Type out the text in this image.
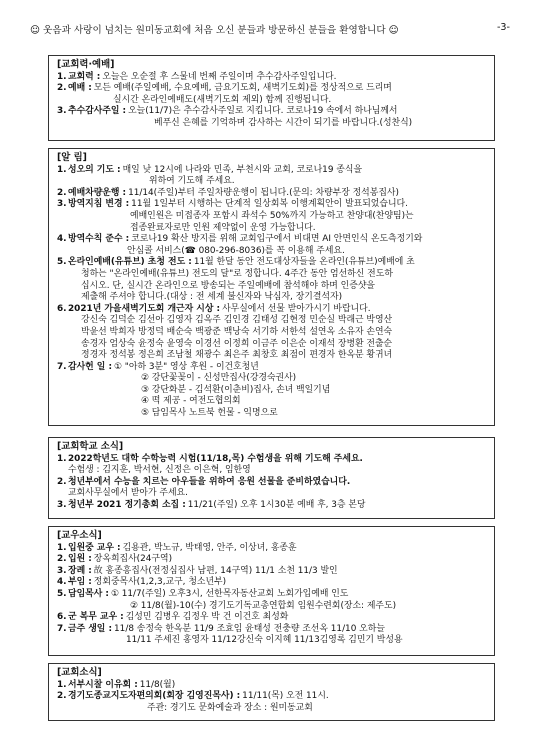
☺ 웃음과 사랑이 넘치는 원미동교회에 처음 오신 분들과 방문하신 분들을 환영합니다 ☺	-3-
[교회력·예배]
1. 교회력 : 오늘은 오순절 후 스물네 번째 주일이며 추수감사주일입니다.
2. 예배 : 모든 예배(주일예배, 수요예배, 금요기도회, 새벽기도회)를 정상적으로 드리며
실시간 온라인예배도(새벽기도회 제외) 함께 진행됩니다.
3. 추수감사주일 : 오늘(11/7)은 추수감사주일로 지킵니다. 코로나19 속에서 하나님께서
베푸신 은혜를 기억하며 감사하는 시간이 되기를 바랍니다.(성찬식)
[알 림]
1. 성오의 기도 : 매일 낮 12시에 나라와 민족, 부천시와 교회, 코로나19 종식을
위하여 기도해 주세요.
2. 예배차량운행 : 11/14(주일)부터 주일차량운행이 됩니다.(문의: 차량부장 정석봉집사)
3. 방역지침 변경 : 11월 1일부터 시행하는 단계적 일상회복 이행계획안이 발표되었습니다.
예배인원은 미접종자 포함시 좌석수 50%까지 가능하고 찬양대(찬양팀)는
접종완료자로만 인원 제약없이 운영 가능합니다.
4. 방역수칙 준수 : 코로나19 확산 방지를 위해 교회입구에서 비대면 AI 안면인식 온도측정기와
안심콜 서비스(☎ 080-296-8036)를 꼭 이용해 주세요.
5. 온라인예배(유튜브) 초청 전도 : 11월 한달 동안 전도대상자들을 온라인(유튜브)예배에 초
청하는 "온라인예배(유튜브) 전도의 달"로 정합니다. 4주간 동안 엄선하신 전도하
십시오. 단, 실시간 온라인으로 방송되는 주일예배에 참석해야 하며 인증샷을
제출해 주셔야 합니다.(대상 : 전 세계 불신자와 낙심자, 장기결석자)
6. 2021년 가을새벽기도회 개근자 시상 : 사무실에서 선물 받아가시기 바랍니다.
강신숙 김덕순 김선아 김영자 김옥주 김인경 김태성 김현정 민순실 박래근 박영산
박윤선 박희자 방정덕 배순숙 백광준 백낭숙 서기하 서한석 설연옥 소유자 손연숙
송경자 엄상숙 윤정숙 윤영숙 이경선 이정희 이금주 이은순 이재석 장병환 전출순
정경자 정석봉 정은희 조남철 채광수 최은주 최창호 최점이 편경자 한옥분 황귀녀
7. 감사헌 일 : ① "아하 3분" 영상 후원 - 이건호청년
② 강단꽃꽂이 - 신성만집사(강경숙권사)
③ 강단화분 - 김석환(이춘비)집사, 손녀 백일기념
④ 떡 제공 - 여전도협의회
⑤ 담임목사 노트북 헌물 - 익명으로
[교회학교 소식]
1. 2022학년도 대학 수학능력 시험(11/18,목) 수험생을 위해 기도해 주세요.
수험생 : 김지훈, 박서현, 신정은 이은혁, 임한영
2. 청년부에서 수능을 치르는 아우들을 위하여 응원 선물을 준비하였습니다.
교회사무실에서 받아가 주세요.
3. 청년부 2021 정기총회 소집 : 11/21(주일) 오후 1시30분 예배 후, 3층 본당
[교우소식]
1. 입원중 교우 : 김용관, 박노규, 박태영, 안주, 이상녀, 홍종훈
2. 입원 : 장옥희집사(24구역)
3. 장례 : 故 홍종흥집사(전정심집사 남편, 14구역) 11/1 소천 11/3 발인
4. 부임 : 정회중목사(1,2,3,교구, 청소년부)
5. 담임목사 : ① 11/7(주일) 오후3시, 선한목자동산교회 노회가입예배 인도
② 11/8(월)-10(수) 경기도기독교총연합회 임원수련회(장소: 제주도)
6. 군 복무 교우 : 김성민 김병우 김정우 박 건 이건호 최성화
7. 금주 생일 : 11/8 송정숙 한옥분 11/9 조효임 윤태성 전충량 조선옥 11/10 오하늘
11/11 주세진 홍영자 11/12강신숙 이지혜 11/13김영록 김민기 박성용
[교회소식]
1. 서부시찰 이유회 : 11/8(월)
2. 경기도종교지도자편의회(회장 김영진목사) : 11/11(목) 오전 11시.
주관: 경기도 문화예술과 장소 : 원미동교회
